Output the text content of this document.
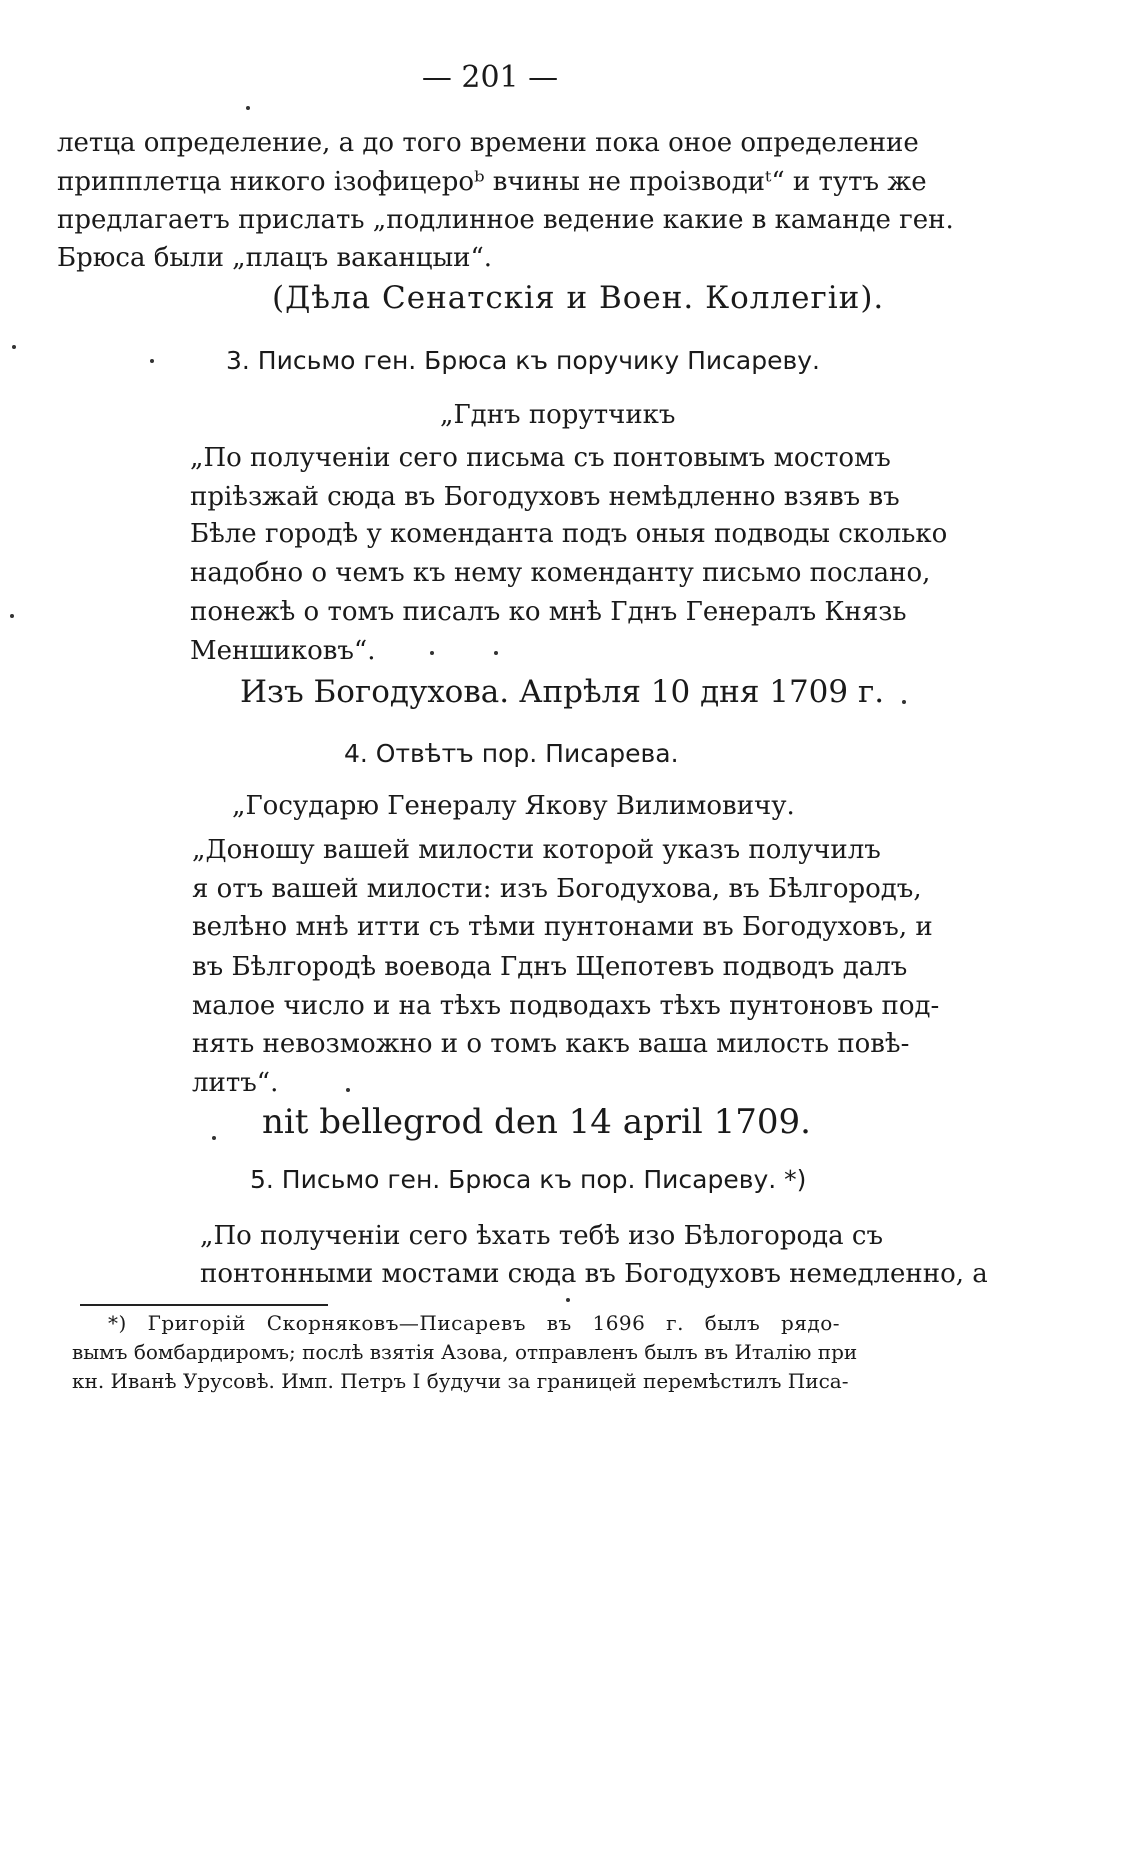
— 201 —
летца определение, а до того времени пока оное определение
припплетца никого ізофицероᵇ вчины не проізводиᵗ“ и тутъ же
предлагаетъ прислать „подлинное ведение какие в каманде ген.
Брюса были „плацъ ваканцыи“.
(Дѣла Сенатскія и Воен. Коллегіи).
3. Письмо ген. Брюса къ поручику Писареву.
„Гднъ порутчикъ
„По полученіи сего письма съ понтовымъ мостомъ
пріѣзжай сюда въ Богодуховъ немѣдленно взявъ въ
Бѣле городѣ у коменданта подъ оныя подводы сколько
надобно о чемъ къ нему коменданту письмо послано,
понежѣ о томъ писалъ ко мнѣ Гднъ Генералъ Князь
Меншиковъ“.
Изъ Богодухова. Апрѣля 10 дня 1709 г.
4. Отвѣтъ пор. Писарева.
„Государю Генералу Якову Вилимовичу.
„Доношу вашей милости которой указъ получилъ
я отъ вашей милости: изъ Богодухова, въ Бѣлгородъ,
велѣно мнѣ итти съ тѣми пунтонами въ Богодуховъ, и
въ Бѣлгородѣ воевода Гднъ Щепотевъ подводъ далъ
малое число и на тѣхъ подводахъ тѣхъ пунтоновъ под-
нять невозможно и о томъ какъ ваша милость повѣ-
литъ“.
nit bellegrod den 14 april 1709.
5. Письмо ген. Брюса къ пор. Писареву. *)
„По полученіи сего ѣхать тебѣ изо Бѣлогорода съ
понтонными мостами сюда въ Богодуховъ немедленно, а
*) Григорій Скорняковъ—Писаревъ въ 1696 г. былъ рядо-
вымъ бомбардиромъ; послѣ взятія Азова, отправленъ былъ въ Италію при
кн. Иванѣ Урусовѣ. Имп. Петръ I будучи за границей перемѣстилъ Писа-
